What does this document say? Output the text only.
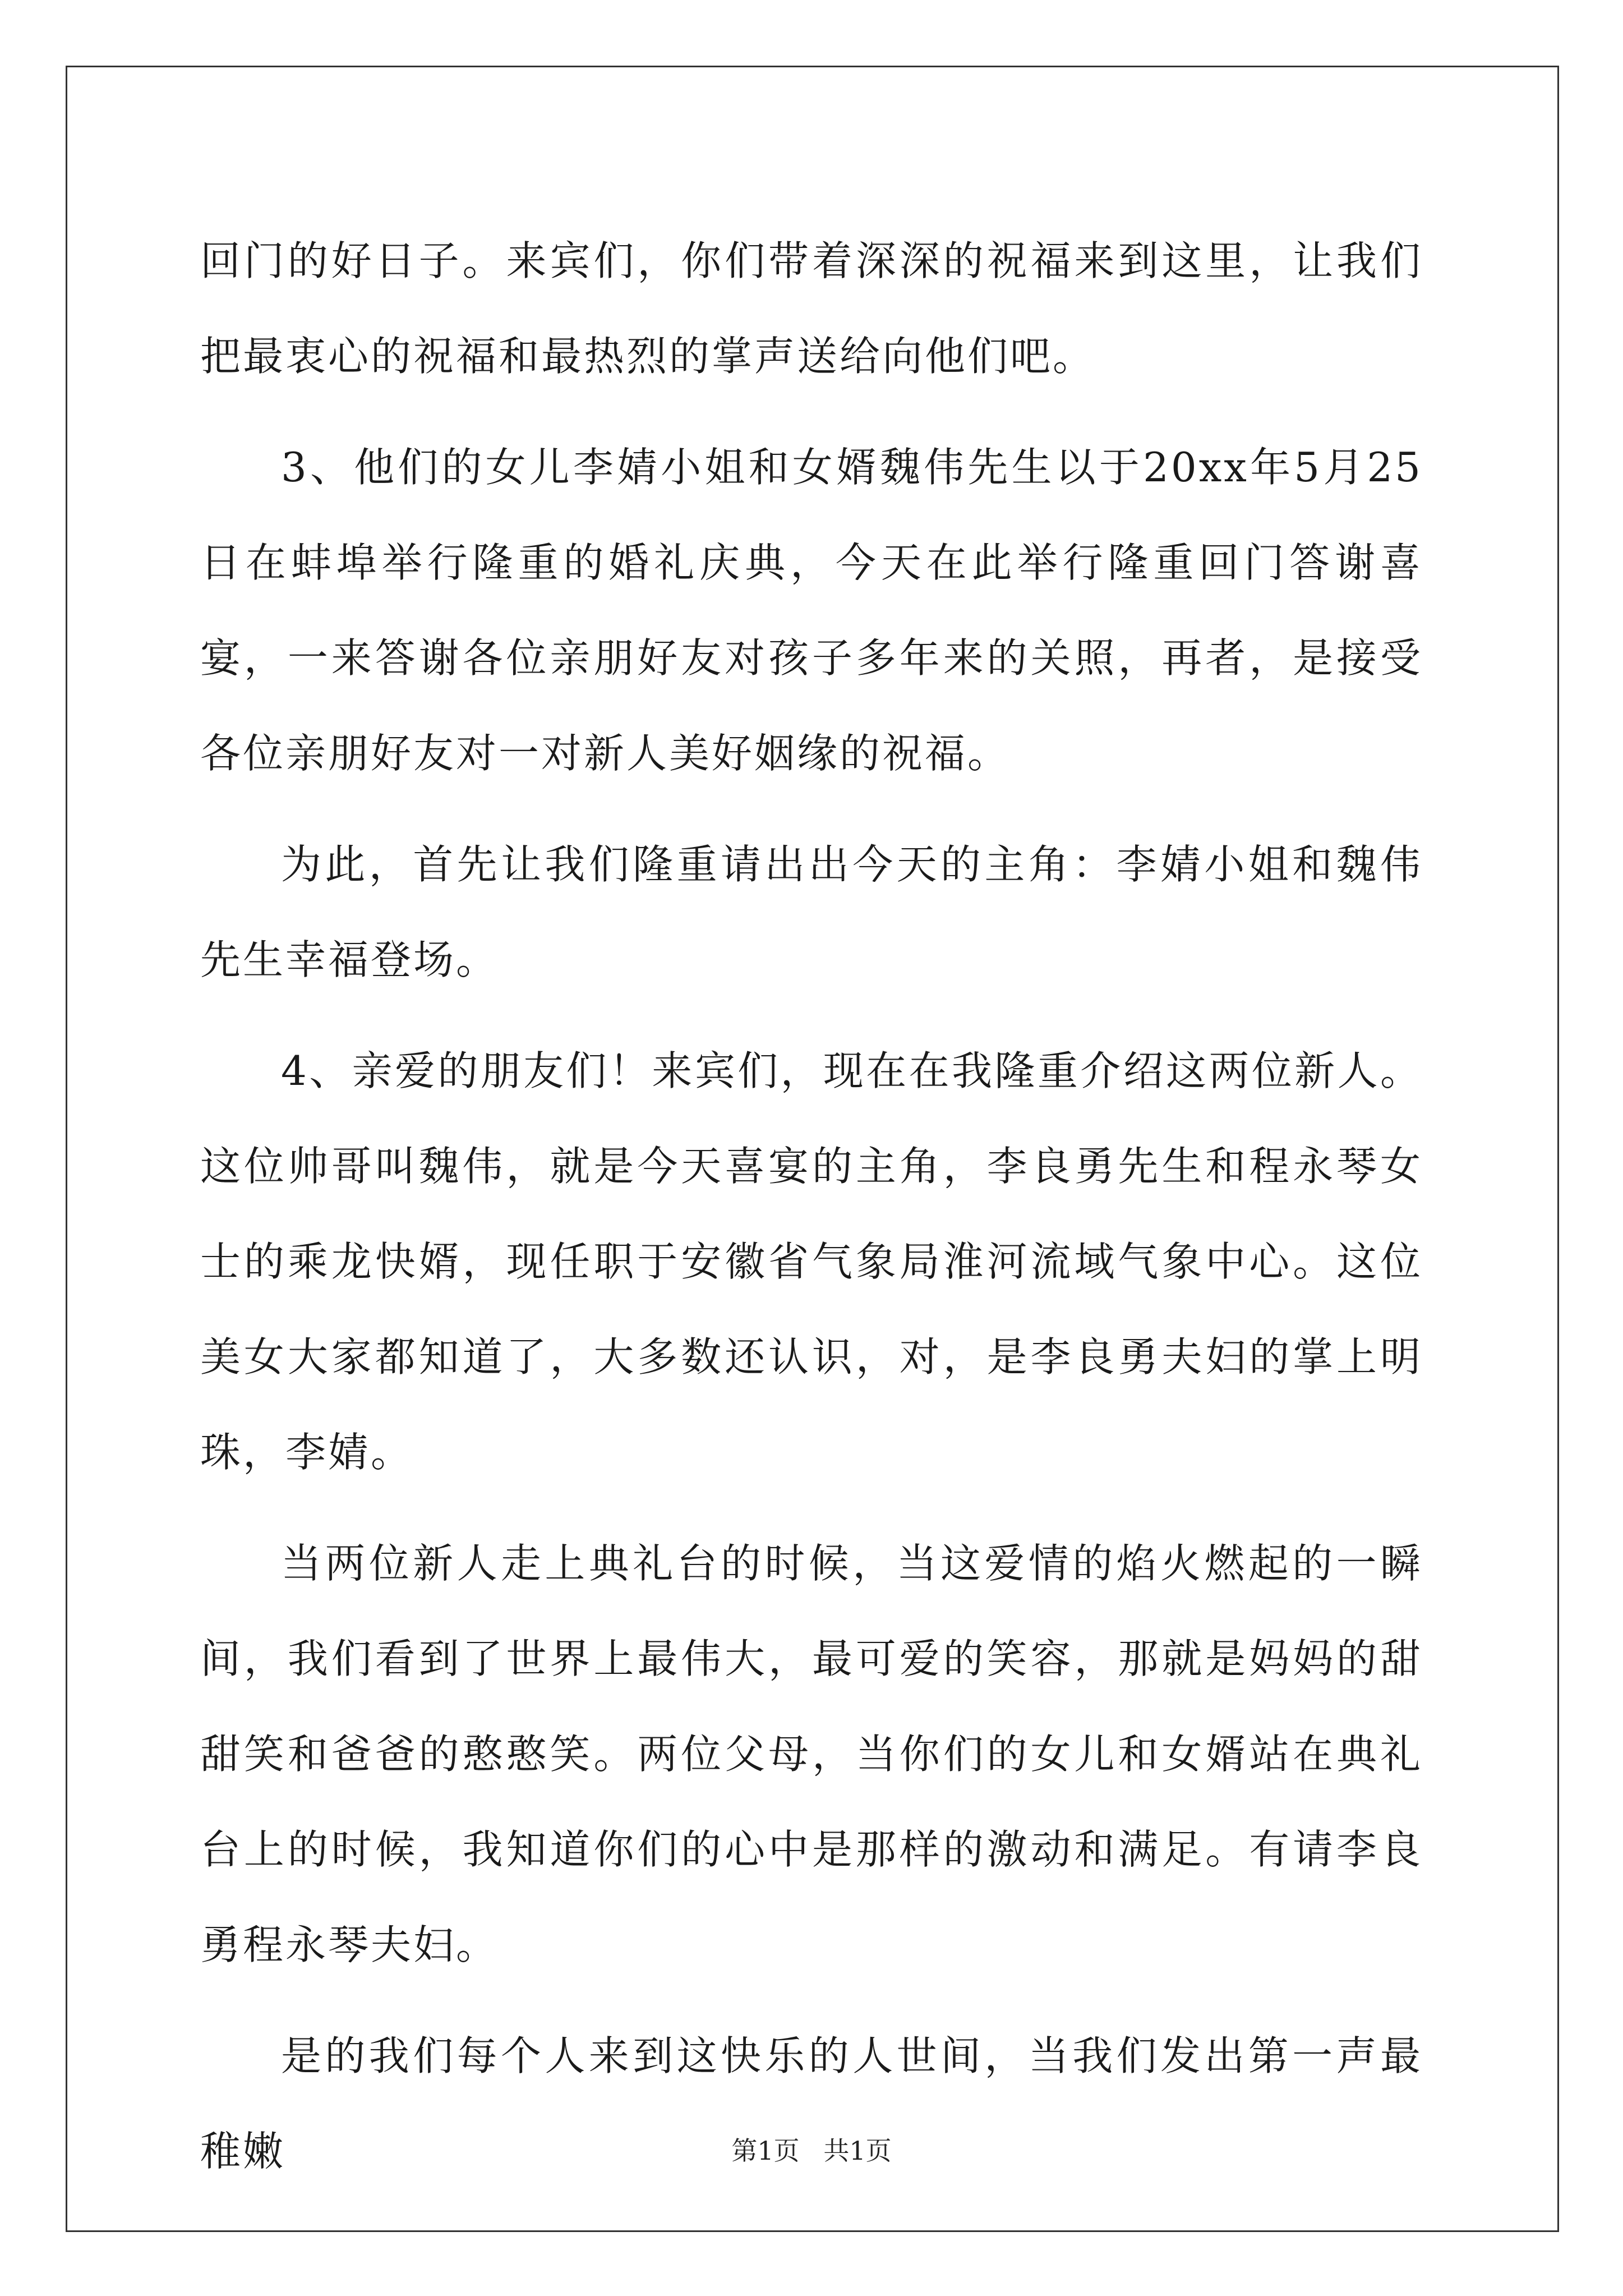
回门的好日子。来宾们，你们带着深深的祝福来到这里，让我们把最衷心的祝福和最热烈的掌声送给向他们吧。

3、他们的女儿李婧小姐和女婿魏伟先生以于20xx年5月25日在蚌埠举行隆重的婚礼庆典，今天在此举行隆重回门答谢喜宴，一来答谢各位亲朋好友对孩子多年来的关照，再者，是接受各位亲朋好友对一对新人美好姻缘的祝福。

为此，首先让我们隆重请出出今天的主角：李婧小姐和魏伟先生幸福登场。

4、亲爱的朋友们！来宾们，现在在我隆重介绍这两位新人。这位帅哥叫魏伟，就是今天喜宴的主角，李良勇先生和程永琴女士的乘龙快婿，现任职于安徽省气象局淮河流域气象中心。这位美女大家都知道了，大多数还认识，对，是李良勇夫妇的掌上明珠，李婧。

当两位新人走上典礼台的时候，当这爱情的焰火燃起的一瞬间，我们看到了世界上最伟大，最可爱的笑容，那就是妈妈的甜甜笑和爸爸的憨憨笑。两位父母，当你们的女儿和女婿站在典礼台上的时候，我知道你们的心中是那样的激动和满足。有请李良勇程永琴夫妇。

是的我们每个人来到这快乐的人世间，当我们发出第一声最稚嫩	第1页 共1页
